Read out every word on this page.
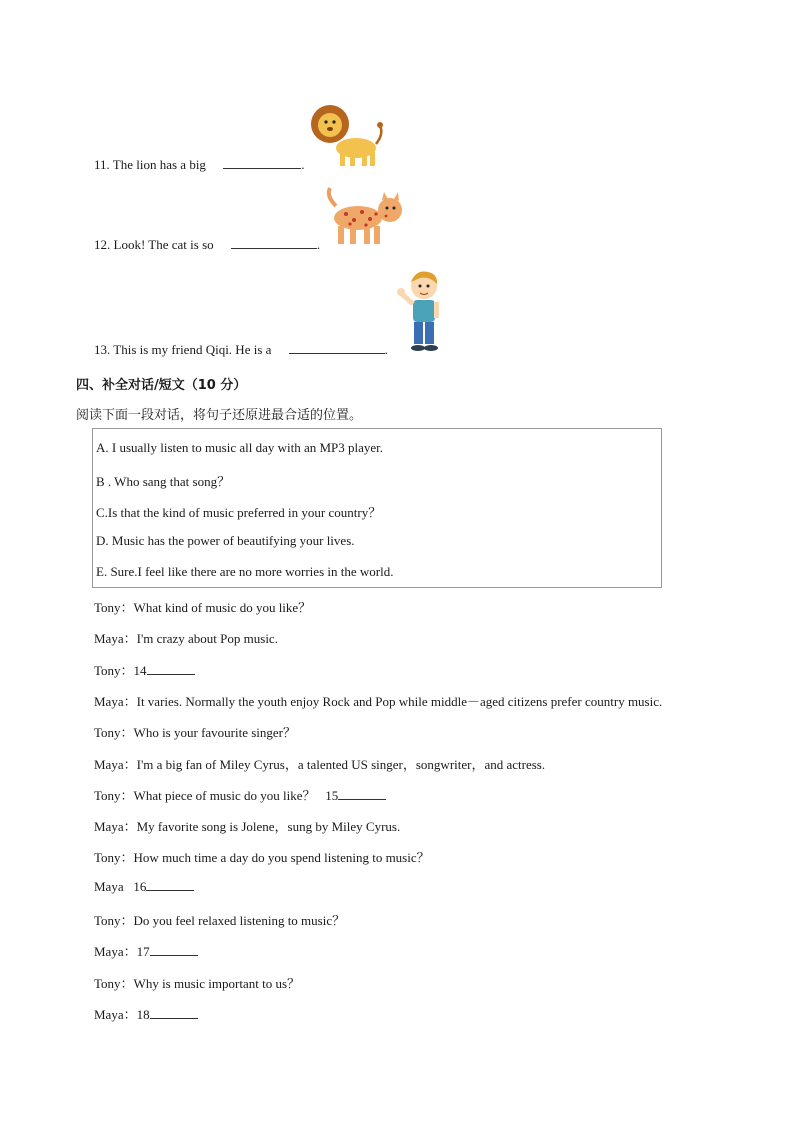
11. The lion has a big	.
12. Look! The cat is so	.
13. This is my friend Qiqi. He is a	.
四、补全对话/短文（10 分）
阅读下面一段对话，将句子还原进最合适的位置。
A. I usually listen to music all day with an MP3 player.
B . Who sang that song？
C.Is that the kind of music preferred in your country？
D. Music has the power of beautifying your lives.
E. Sure.I feel like there are no more worries in the world.
Tony：What kind of music do you like？
Maya：I'm crazy about Pop music.
Tony：14
Maya：It varies. Normally the youth enjoy Rock and Pop while middle－aged citizens prefer country music.
Tony：Who is your favourite singer？
Maya：I'm a big fan of Miley Cyrus，a talented US singer，songwriter，and actress.
Tony：What piece of music do you like？   15
Maya：My favorite song is Jolene，sung by Miley Cyrus.
Tony：How much time a day do you spend listening to music？
Maya   16
Tony：Do you feel relaxed listening to music？
Maya：17
Tony：Why is music important to us？
Maya：18
